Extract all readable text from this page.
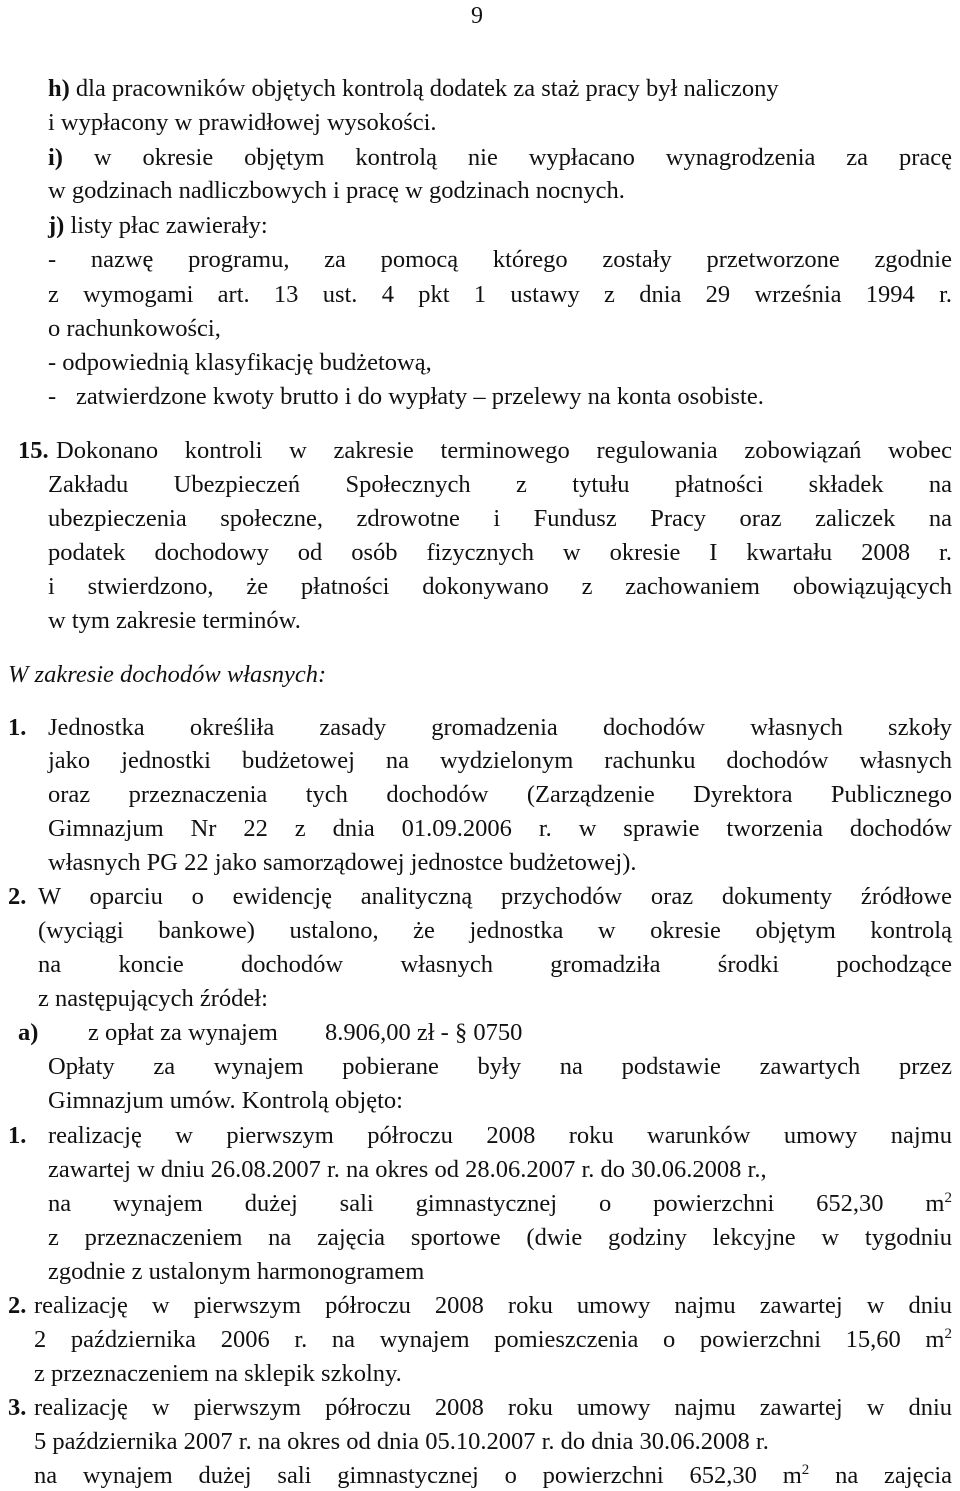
9

h) dla pracowników objętych kontrolą dodatek za staż pracy był naliczony

i wypłacony w prawidłowej wysokości.

i) w okresie objętym kontrolą nie wypłacano wynagrodzenia za pracę

w godzinach nadliczbowych i pracę w godzinach nocnych.

j) listy płac zawierały:

- nazwę programu, za pomocą którego zostały przetworzone zgodnie

z wymogami art. 13 ust. 4 pkt 1 ustawy z dnia 29 września 1994 r.

o rachunkowości,

- odpowiednią klasyfikację budżetową,

- zatwierdzone kwoty brutto i do wypłaty – przelewy na konta osobiste.

15. Dokonano kontroli w zakresie terminowego regulowania zobowiązań wobec

Zakładu Ubezpieczeń Społecznych z tytułu płatności składek na

ubezpieczenia społeczne, zdrowotne i Fundusz Pracy oraz zaliczek na

podatek dochodowy od osób fizycznych w okresie I kwartału 2008 r.

i stwierdzono, że płatności dokonywano z zachowaniem obowiązujących

w tym zakresie terminów.

W zakresie dochodów własnych:

1. Jednostka określiła zasady gromadzenia dochodów własnych szkoły

jako jednostki budżetowej na wydzielonym rachunku dochodów własnych

oraz przeznaczenia tych dochodów (Zarządzenie Dyrektora Publicznego

Gimnazjum Nr 22 z dnia 01.09.2006 r. w sprawie tworzenia dochodów

własnych PG 22 jako samorządowej jednostce budżetowej).

2. W oparciu o ewidencję analityczną przychodów oraz dokumenty źródłowe

(wyciągi bankowe) ustalono, że jednostka w okresie objętym kontrolą

na koncie dochodów własnych gromadziła środki pochodzące

z następujących źródeł:

a) z opłat za wynajem 8.906,00 zł - § 0750

Opłaty za wynajem pobierane były na podstawie zawartych przez

Gimnazjum umów. Kontrolą objęto:

1. realizację w pierwszym półroczu 2008 roku warunków umowy najmu

zawartej w dniu 26.08.2007 r. na okres od 28.06.2007 r. do 30.06.2008 r.,

na wynajem dużej sali gimnastycznej o powierzchni 652,30 $m^2$

z przeznaczeniem na zajęcia sportowe (dwie godziny lekcyjne w tygodniu

zgodnie z ustalonym harmonogramem

2. realizację w pierwszym półroczu 2008 roku umowy najmu zawartej w dniu

2 października 2006 r. na wynajem pomieszczenia o powierzchni 15,60 $m^2$

z przeznaczeniem na sklepik szkolny.

3. realizację w pierwszym półroczu 2008 roku umowy najmu zawartej w dniu

5 października 2007 r. na okres od dnia 05.10.2007 r. do dnia 30.06.2008 r.

na wynajem dużej sali gimnastycznej o powierzchni 652,30 $m^2$ na zajęcia
